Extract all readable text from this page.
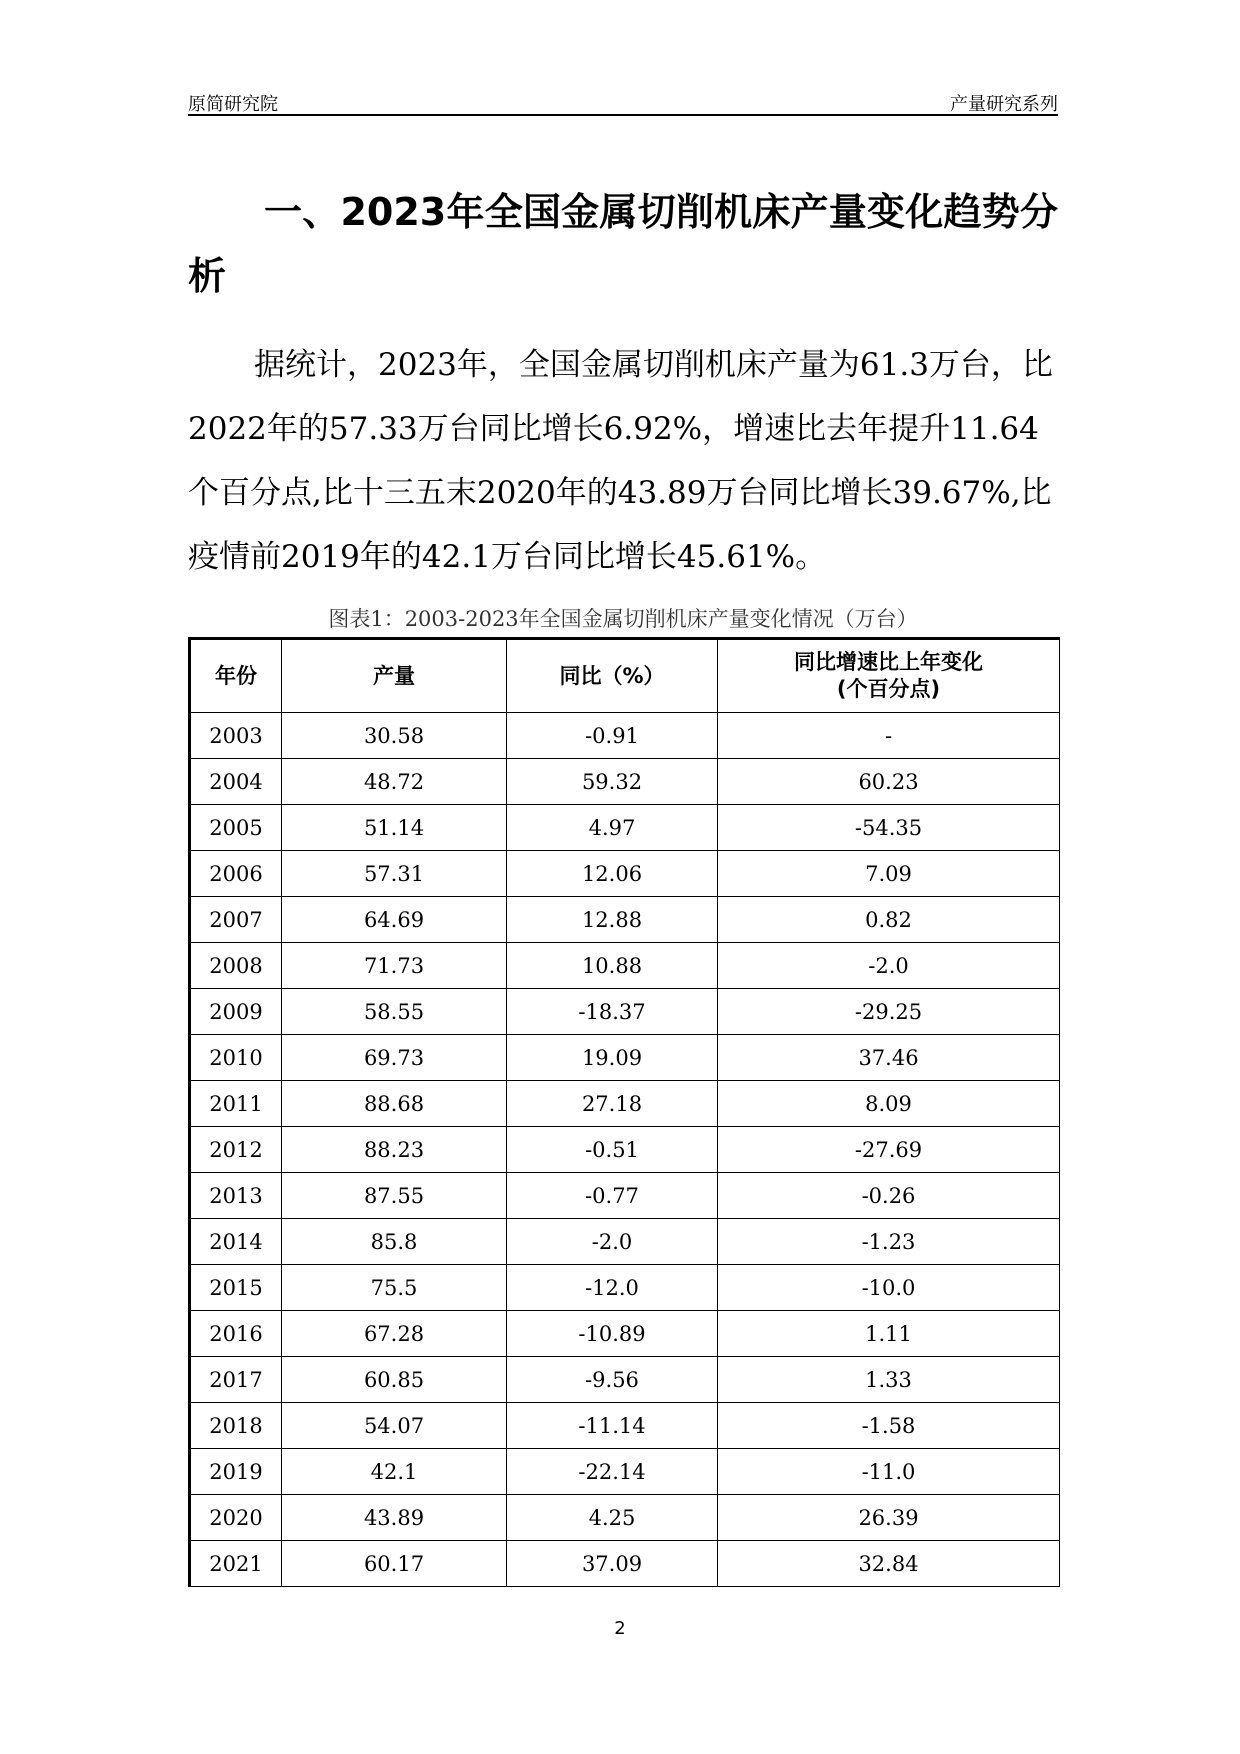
原简研究院	产量研究系列
一、2023年全国金属切削机床产量变化趋势分析

据统计，2023年，全国金属切削机床产量为61.3万台，比2022年的57.33万台同比增长6.92%，增速比去年提升11.64个百分点,比十三五末2020年的43.89万台同比增长39.67%,比疫情前2019年的42.1万台同比增长45.61%。

图表1：2003-2023年全国金属切削机床产量变化情况（万台）
年份	产量	同比（%）	同比增速比上年变化
(个百分点)
2003	30.58	-0.91	-
2004	48.72	59.32	60.23
2005	51.14	4.97	-54.35
2006	57.31	12.06	7.09
2007	64.69	12.88	0.82
2008	71.73	10.88	-2.0
2009	58.55	-18.37	-29.25
2010	69.73	19.09	37.46
2011	88.68	27.18	8.09
2012	88.23	-0.51	-27.69
2013	87.55	-0.77	-0.26
2014	85.8	-2.0	-1.23
2015	75.5	-12.0	-10.0
2016	67.28	-10.89	1.11
2017	60.85	-9.56	1.33
2018	54.07	-11.14	-1.58
2019	42.1	-22.14	-11.0
2020	43.89	4.25	26.39
2021	60.17	37.09	32.84
2
